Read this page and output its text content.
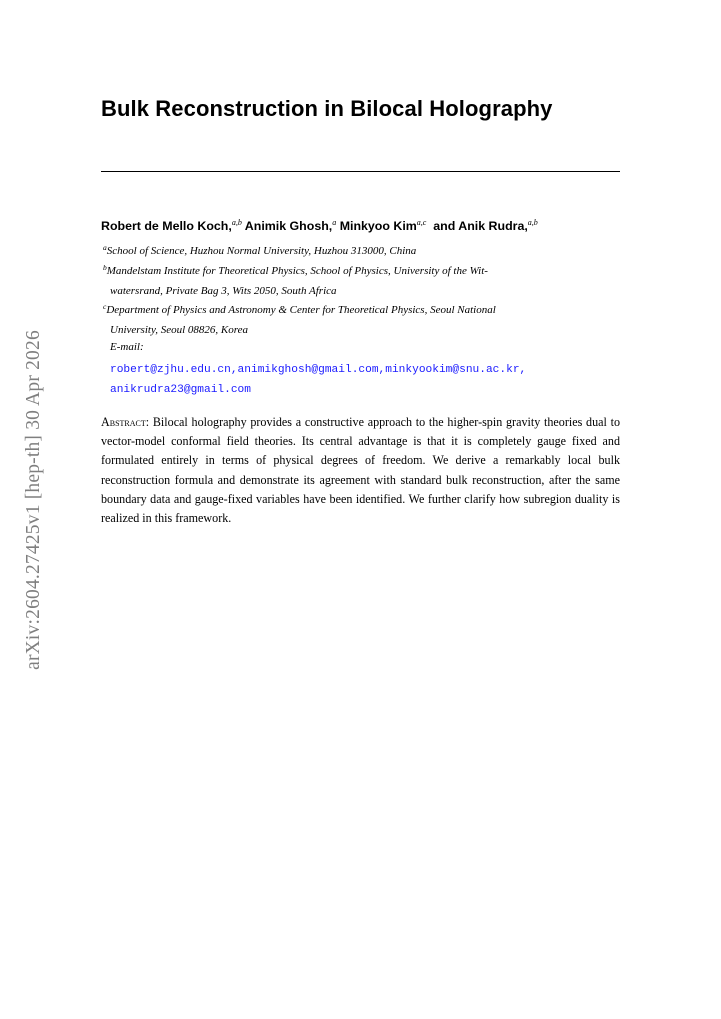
arXiv:2604.27425v1 [hep-th] 30 Apr 2026
Bulk Reconstruction in Bilocal Holography
Robert de Mello Koch,$^{a,b}$ Animik Ghosh,$^a$ Minkyoo Kim$^{a,c}$ and Anik Rudra,$^{a,b}$
$^a$School of Science, Huzhou Normal University, Huzhou 313000, China
$^b$Mandelstam Institute for Theoretical Physics, School of Physics, University of the Wit-
watersrand, Private Bag 3, Wits 2050, South Africa
$^c$Department of Physics and Astronomy & Center for Theoretical Physics, Seoul National
University, Seoul 08826, Korea
E-mail:
robert@zjhu.edu.cn,animikghosh@gmail.com,minkyookim@snu.ac.kr,
anikrudra23@gmail.com
Abstract: Bilocal holography provides a constructive approach to the higher-spin gravity theories dual to vector-model conformal field theories. Its central advantage is that it is completely gauge fixed and formulated entirely in terms of physical degrees of freedom. We derive a remarkably local bulk reconstruction formula and demonstrate its agreement with standard bulk reconstruction, after the same boundary data and gauge-fixed variables have been identified. We further clarify how subregion duality is realized in this framework.
